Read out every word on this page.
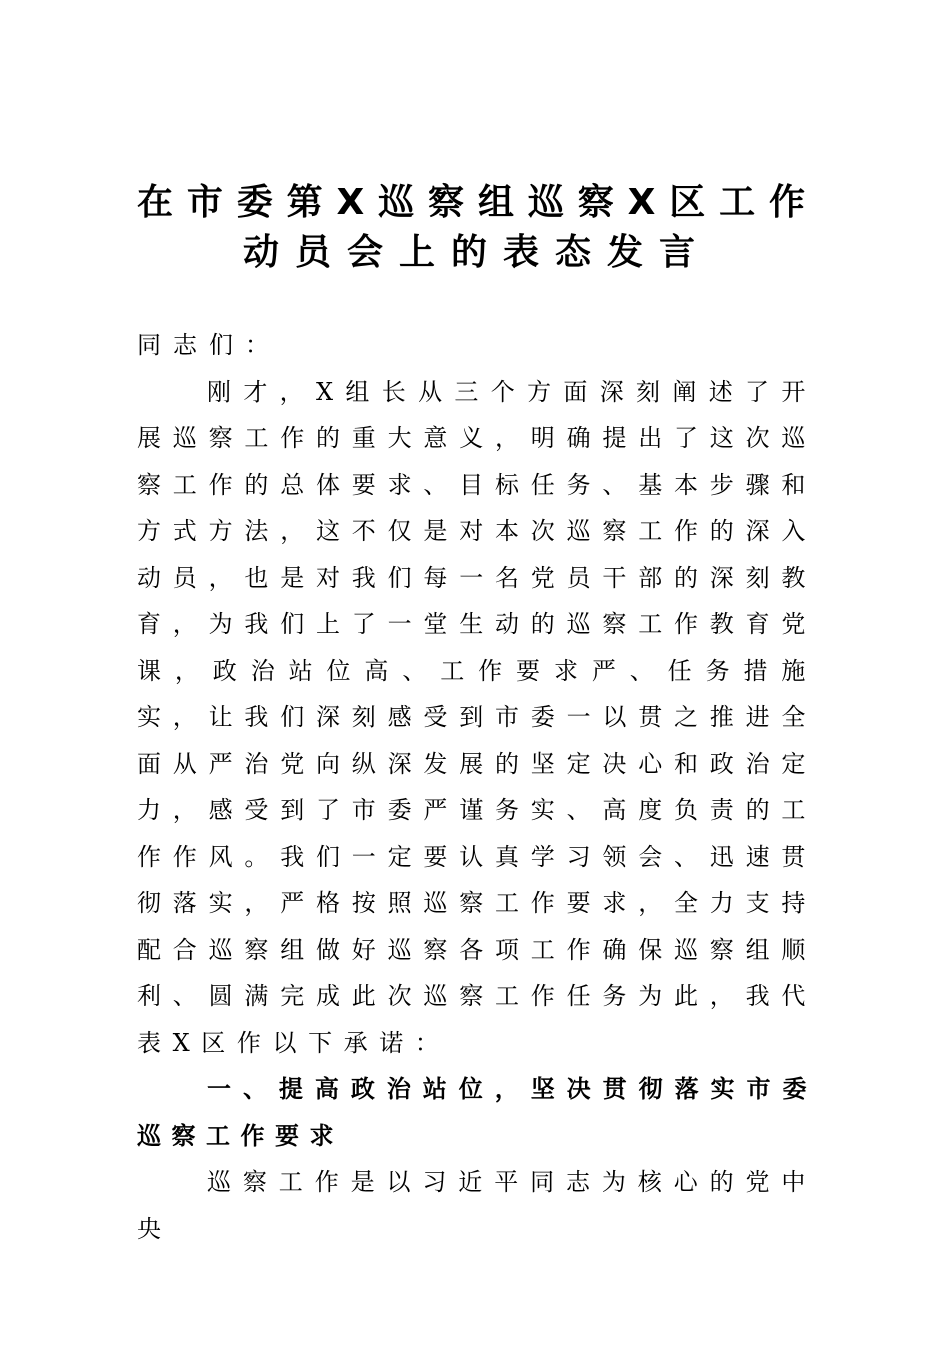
在市委第X巡察组巡察X区工作
动员会上的表态发言

同志们：

刚才，X组长从三个方面深刻阐述了开展巡察工作的重大意义，明确提出了这次巡察工作的总体要求、目标任务、基本步骤和方式方法，这不仅是对本次巡察工作的深入动员，也是对我们每一名党员干部的深刻教育，为我们上了一堂生动的巡察工作教育党课，政治站位高、工作要求严、任务措施实，让我们深刻感受到市委一以贯之推进全面从严治党向纵深发展的坚定决心和政治定力，感受到了市委严谨务实、高度负责的工作作风。我们一定要认真学习领会、迅速贯彻落实，严格按照巡察工作要求，全力支持配合巡察组做好巡察各项工作确保巡察组顺利、圆满完成此次巡察工作任务为此，我代表X区作以下承诺：

一、提高政治站位，坚决贯彻落实市委巡察工作要求

巡察工作是以习近平同志为核心的党中央
